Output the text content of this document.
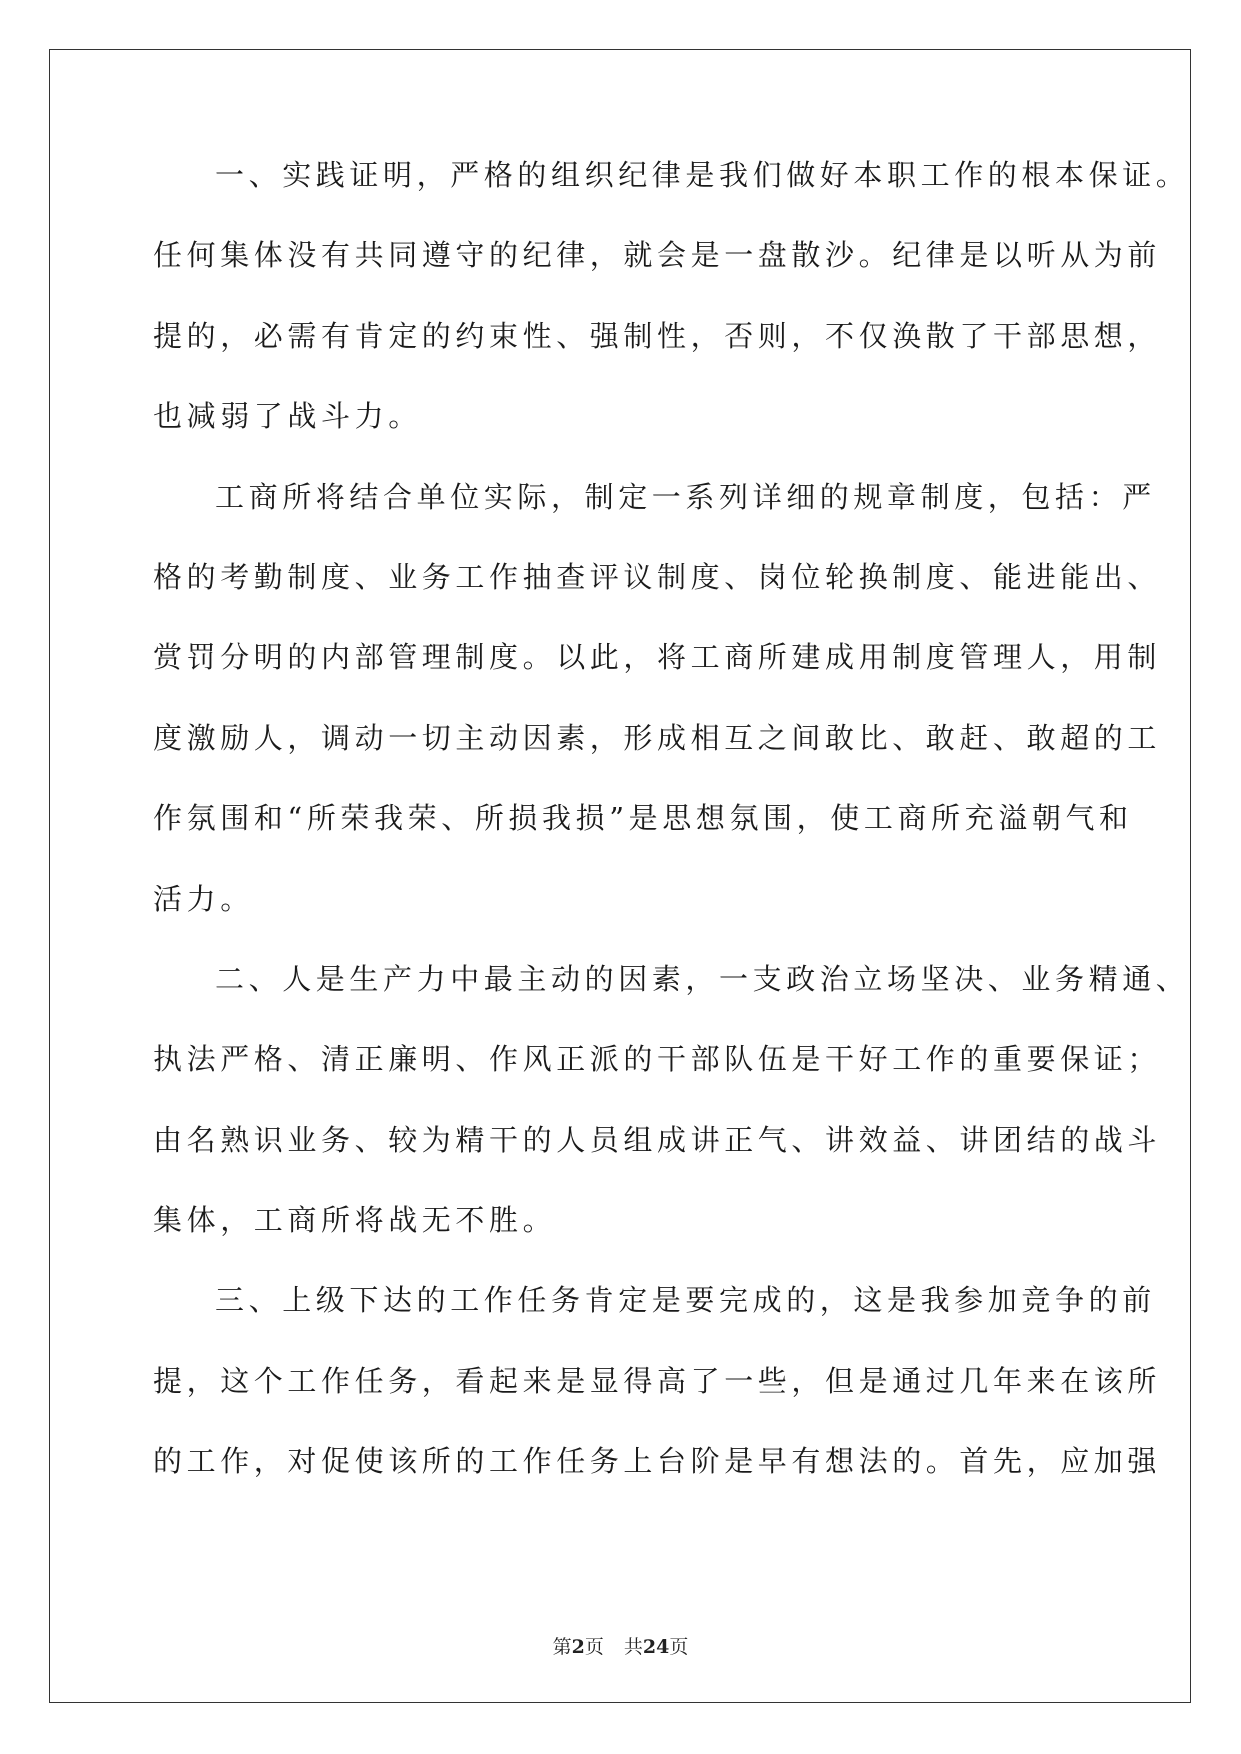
一、实践证明，严格的组织纪律是我们做好本职工作的根本保证。
任何集体没有共同遵守的纪律，就会是一盘散沙。纪律是以听从为前
提的，必需有肯定的约束性、强制性，否则，不仅涣散了干部思想，
也减弱了战斗力。
工商所将结合单位实际，制定一系列详细的规章制度，包括：严
格的考勤制度、业务工作抽查评议制度、岗位轮换制度、能进能出、
赏罚分明的内部管理制度。以此，将工商所建成用制度管理人，用制
度激励人，调动一切主动因素，形成相互之间敢比、敢赶、敢超的工
作氛围和“所荣我荣、所损我损”是思想氛围，使工商所充溢朝气和
活力。
二、人是生产力中最主动的因素，一支政治立场坚决、业务精通、
执法严格、清正廉明、作风正派的干部队伍是干好工作的重要保证；
由名熟识业务、较为精干的人员组成讲正气、讲效益、讲团结的战斗
集体，工商所将战无不胜。
三、上级下达的工作任务肯定是要完成的，这是我参加竞争的前
提，这个工作任务，看起来是显得高了一些，但是通过几年来在该所
的工作，对促使该所的工作任务上台阶是早有想法的。首先，应加强
第2页 共24页
